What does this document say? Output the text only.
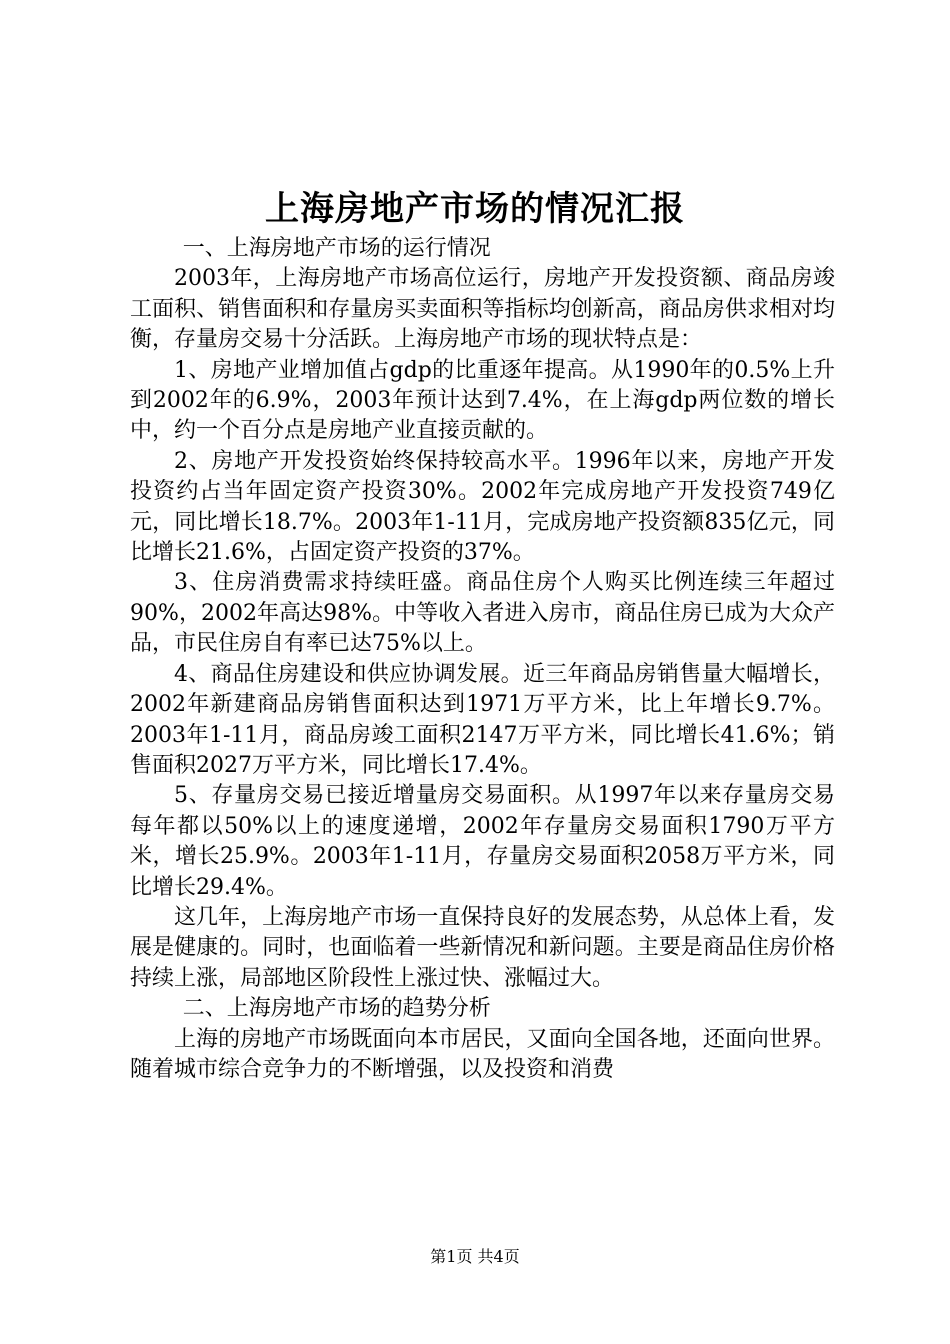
上海房地产市场的情况汇报

一、上海房地产市场的运行情况

2003年，上海房地产市场高位运行，房地产开发投资额、商品房竣工面积、销售面积和存量房买卖面积等指标均创新高，商品房供求相对均衡，存量房交易十分活跃。上海房地产市场的现状特点是：

1、房地产业增加值占gdp的比重逐年提高。从1990年的0.5%上升到2002年的6.9%，2003年预计达到7.4%，在上海gdp两位数的增长中，约一个百分点是房地产业直接贡献的。

2、房地产开发投资始终保持较高水平。1996年以来，房地产开发投资约占当年固定资产投资30%。2002年完成房地产开发投资749亿元，同比增长18.7%。2003年1-11月，完成房地产投资额835亿元，同比增长21.6%，占固定资产投资的37%。

3、住房消费需求持续旺盛。商品住房个人购买比例连续三年超过90%，2002年高达98%。中等收入者进入房市，商品住房已成为大众产品，市民住房自有率已达75%以上。

4、商品住房建设和供应协调发展。近三年商品房销售量大幅增长，2002年新建商品房销售面积达到1971万平方米，比上年增长9.7%。2003年1-11月，商品房竣工面积2147万平方米，同比增长41.6%；销售面积2027万平方米，同比增长17.4%。

5、存量房交易已接近增量房交易面积。从1997年以来存量房交易每年都以50%以上的速度递增，2002年存量房交易面积1790万平方米，增长25.9%。2003年1-11月，存量房交易面积2058万平方米，同比增长29.4%。

这几年，上海房地产市场一直保持良好的发展态势，从总体上看，发展是健康的。同时，也面临着一些新情况和新问题。主要是商品住房价格持续上涨，局部地区阶段性上涨过快、涨幅过大。

二、上海房地产市场的趋势分析

上海的房地产市场既面向本市居民，又面向全国各地，还面向世界。随着城市综合竞争力的不断增强，以及投资和消费

第1页 共4页
